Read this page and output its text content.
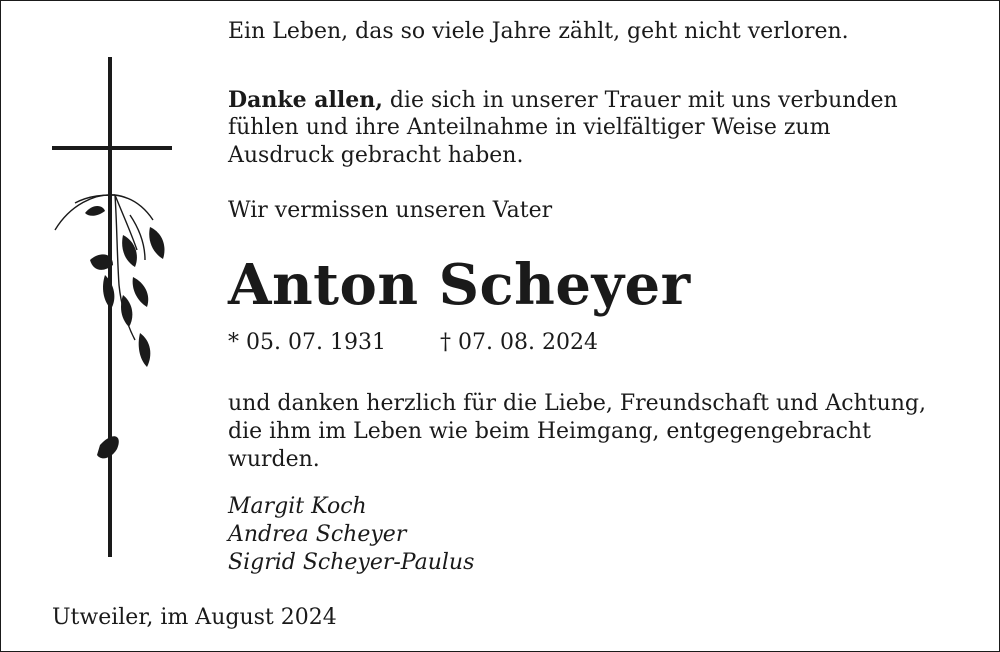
Ein Leben, das so viele Jahre zählt, geht nicht verloren.
Danke allen, die sich in unserer Trauer mit uns verbunden
fühlen und ihre Anteilnahme in vielfältiger Weise zum
Ausdruck gebracht haben.
Wir vermissen unseren Vater
Anton Scheyer
* 05. 07. 1931 † 07. 08. 2024
und danken herzlich für die Liebe, Freundschaft und Achtung,
die ihm im Leben wie beim Heimgang, entgegengebracht
wurden.
Margit Koch
Andrea Scheyer
Sigrid Scheyer-Paulus
Utweiler, im August 2024
